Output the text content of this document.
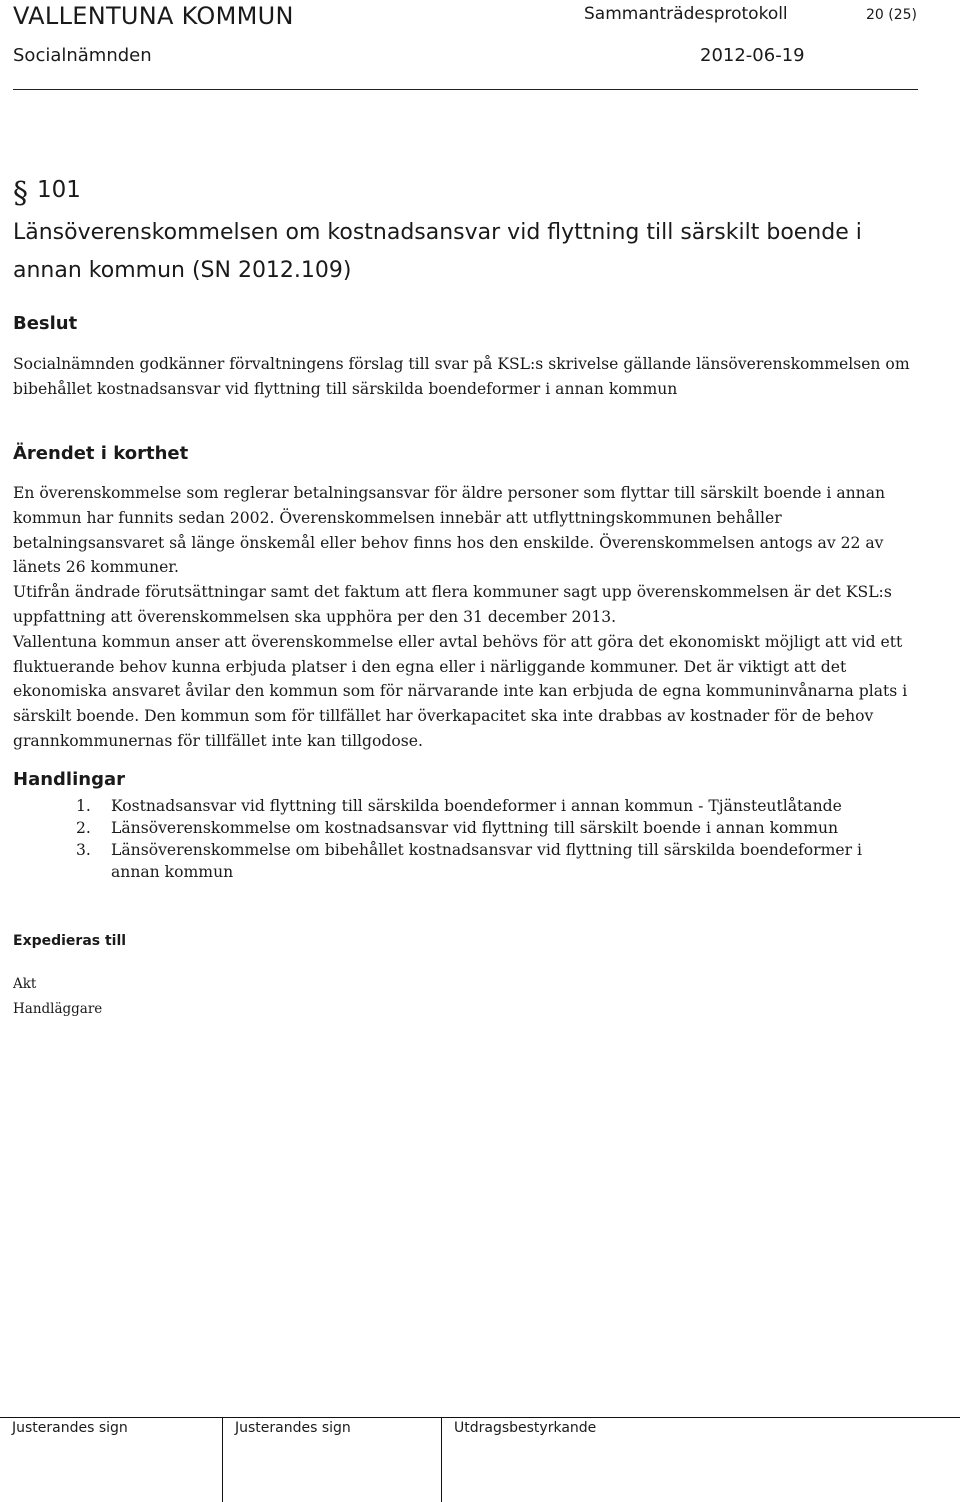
VALLENTUNA KOMMUN	Sammanträdesprotokoll	20 (25)
Socialnämnden	2012-06-19
§ 101
Länsöverenskommelsen om kostnadsansvar vid flyttning till särskilt boende i annan kommun (SN 2012.109)
Beslut
Socialnämnden godkänner förvaltningens förslag till svar på KSL:s skrivelse gällande länsöverenskommelsen om bibehållet kostnadsansvar vid flyttning till särskilda boendeformer i annan kommun
Ärendet i korthet

En överenskommelse som reglerar betalningsansvar för äldre personer som flyttar till särskilt boende i annan kommun har funnits sedan 2002. Överenskommelsen innebär att utflyttningskommunen behåller betalningsansvaret så länge önskemål eller behov finns hos den enskilde. Överenskommelsen antogs av 22 av länets 26 kommuner.

Utifrån ändrade förutsättningar samt det faktum att flera kommuner sagt upp överenskommelsen är det KSL:s uppfattning att överenskommelsen ska upphöra per den 31 december 2013.

Vallentuna kommun anser att överenskommelse eller avtal behövs för att göra det ekonomiskt möjligt att vid ett fluktuerande behov kunna erbjuda platser i den egna eller i närliggande kommuner. Det är viktigt att det ekonomiska ansvaret åvilar den kommun som för närvarande inte kan erbjuda de egna kommuninvånarna plats i särskilt boende. Den kommun som för tillfället har överkapacitet ska inte drabbas av kostnader för de behov grannkommunernas för tillfället inte kan tillgodose.

Handlingar
1.	Kostnadsansvar vid flyttning till särskilda boendeformer i annan kommun - Tjänsteutlåtande
2.	Länsöverenskommelse om kostnadsansvar vid flyttning till särskilt boende i annan kommun
3.	Länsöverenskommelse om bibehållet kostnadsansvar vid flyttning till särskilda boendeformer i annan kommun
Expedieras till
Akt
Handläggare
Justerandes sign	Justerandes sign	Utdragsbestyrkande
